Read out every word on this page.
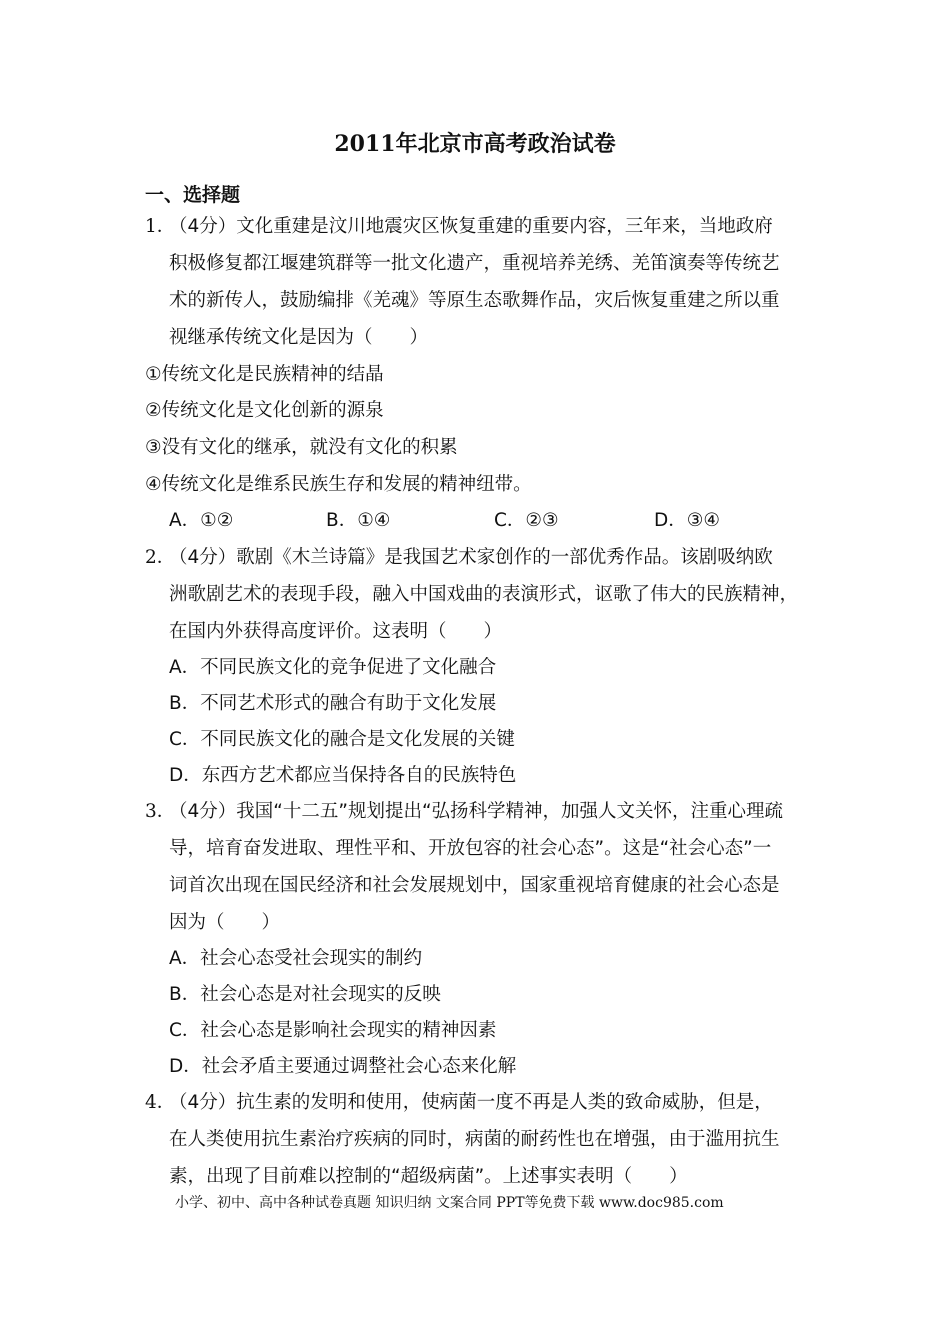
2011年北京市高考政治试卷
一、选择题
1．（4分）文化重建是汶川地震灾区恢复重建的重要内容，三年来，当地政府
积极修复都江堰建筑群等一批文化遗产，重视培养羌绣、羌笛演奏等传统艺
术的新传人，鼓励编排《羌魂》等原生态歌舞作品，灾后恢复重建之所以重
视继承传统文化是因为（　　）
①传统文化是民族精神的结晶
②传统文化是文化创新的源泉
③没有文化的继承，就没有文化的积累
④传统文化是维系民族生存和发展的精神纽带。
A．①②	B．①④	C．②③	D．③④
2．（4分）歌剧《木兰诗篇》是我国艺术家创作的一部优秀作品。该剧吸纳欧
洲歌剧艺术的表现手段，融入中国戏曲的表演形式，讴歌了伟大的民族精神，
在国内外获得高度评价。这表明（　　）
A．不同民族文化的竞争促进了文化融合
B．不同艺术形式的融合有助于文化发展
C．不同民族文化的融合是文化发展的关键
D．东西方艺术都应当保持各自的民族特色
3．（4分）我国“十二五”规划提出“弘扬科学精神，加强人文关怀，注重心理疏
导，培育奋发进取、理性平和、开放包容的社会心态”。这是“社会心态”一
词首次出现在国民经济和社会发展规划中，国家重视培育健康的社会心态是
因为（　　）
A．社会心态受社会现实的制约
B．社会心态是对社会现实的反映
C．社会心态是影响社会现实的精神因素
D．社会矛盾主要通过调整社会心态来化解
4．（4分）抗生素的发明和使用，使病菌一度不再是人类的致命威胁，但是，
在人类使用抗生素治疗疾病的同时，病菌的耐药性也在增强，由于滥用抗生
素，出现了目前难以控制的“超级病菌”。上述事实表明（　　）
小学、初中、高中各种试卷真题 知识归纳 文案合同 PPT等免费下载 www.doc985.com
